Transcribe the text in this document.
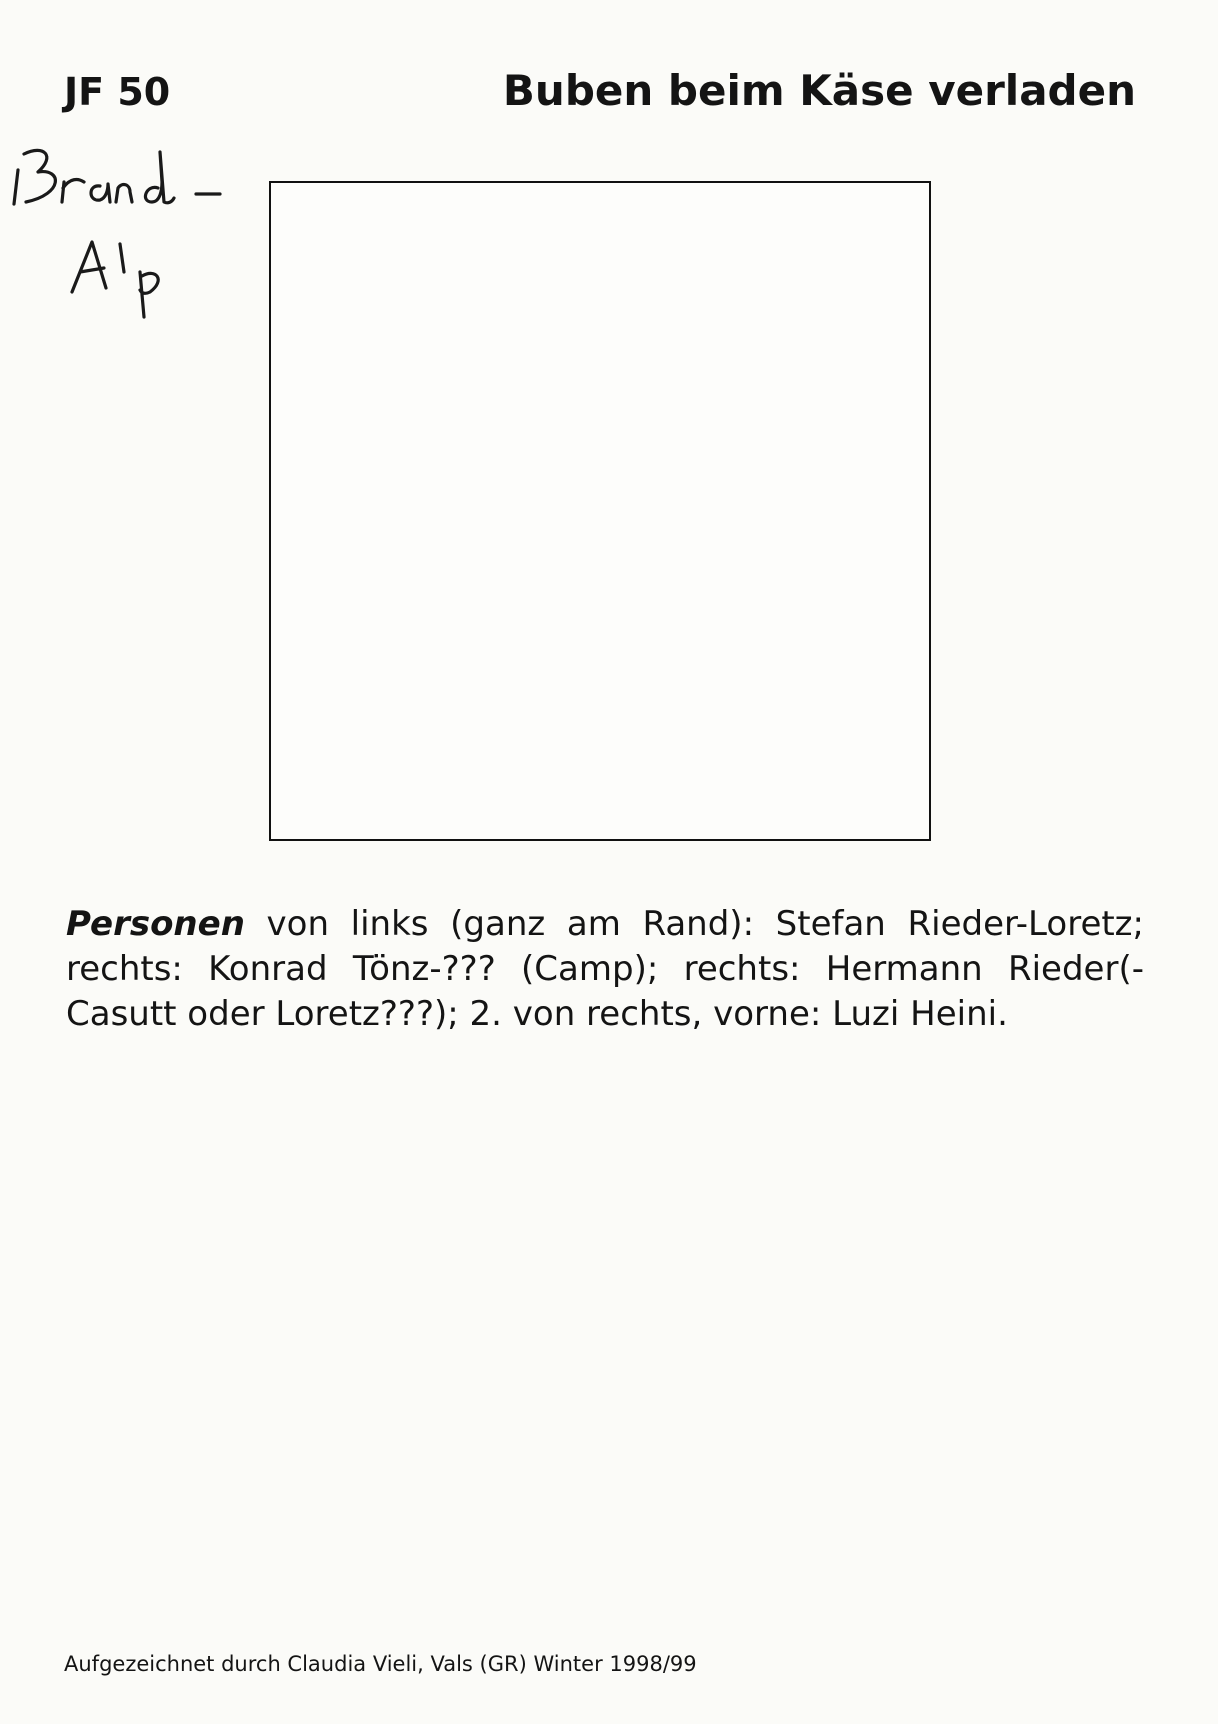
JF 50	Buben beim Käse verladen
Personen von links (ganz am Rand): Stefan Rieder-Loretz; rechts: Konrad Tönz-??? (Camp); rechts: Hermann Rieder(-Casutt oder Loretz???); 2. von rechts, vorne: Luzi Heini.
Aufgezeichnet durch Claudia Vieli, Vals (GR) Winter 1998/99
